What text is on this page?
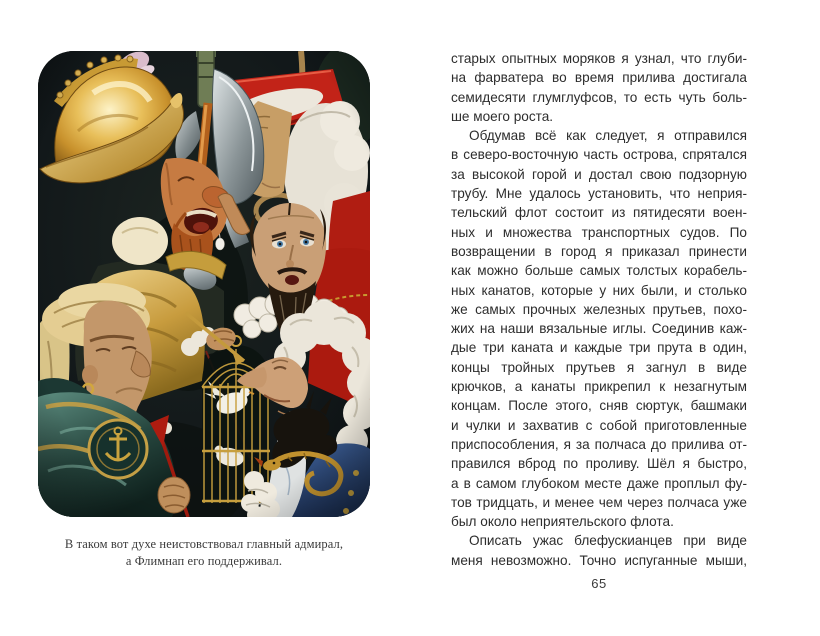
В таком вот духе неистовствовал главный адмирал,
а Флимнап его поддерживал.
старых опытных моряков я узнал, что глуби-
на фарватера во время прилива достигала
семидесяти глумглуфсов, то есть чуть боль-
ше моего роста.
Обдумав всё как следует, я отправился
в северо-восточную часть острова, спрятался
за высокой горой и достал свою подзорную
трубу. Мне удалось установить, что неприя-
тельский флот состоит из пятидесяти воен-
ных и множества транспортных судов. По
возвращении в город я приказал принести
как можно больше самых толстых корабель-
ных канатов, которые у них были, и столько
же самых прочных железных прутьев, похо-
жих на наши вязальные иглы. Соединив каж-
дые три каната и каждые три прута в один,
концы тройных прутьев я загнул в виде
крючков, а канаты прикрепил к незагнутым
концам. После этого, сняв сюртук, башмаки
и чулки и захватив с собой приготовленные
приспособления, я за полчаса до прилива от-
правился вброд по проливу. Шёл я быстро,
а в самом глубоком месте даже проплыл фу-
тов тридцать, и менее чем через полчаса уже
был около неприятельского флота.
Описать ужас блефускианцев при виде
меня невозможно. Точно испуганные мыши,
65
